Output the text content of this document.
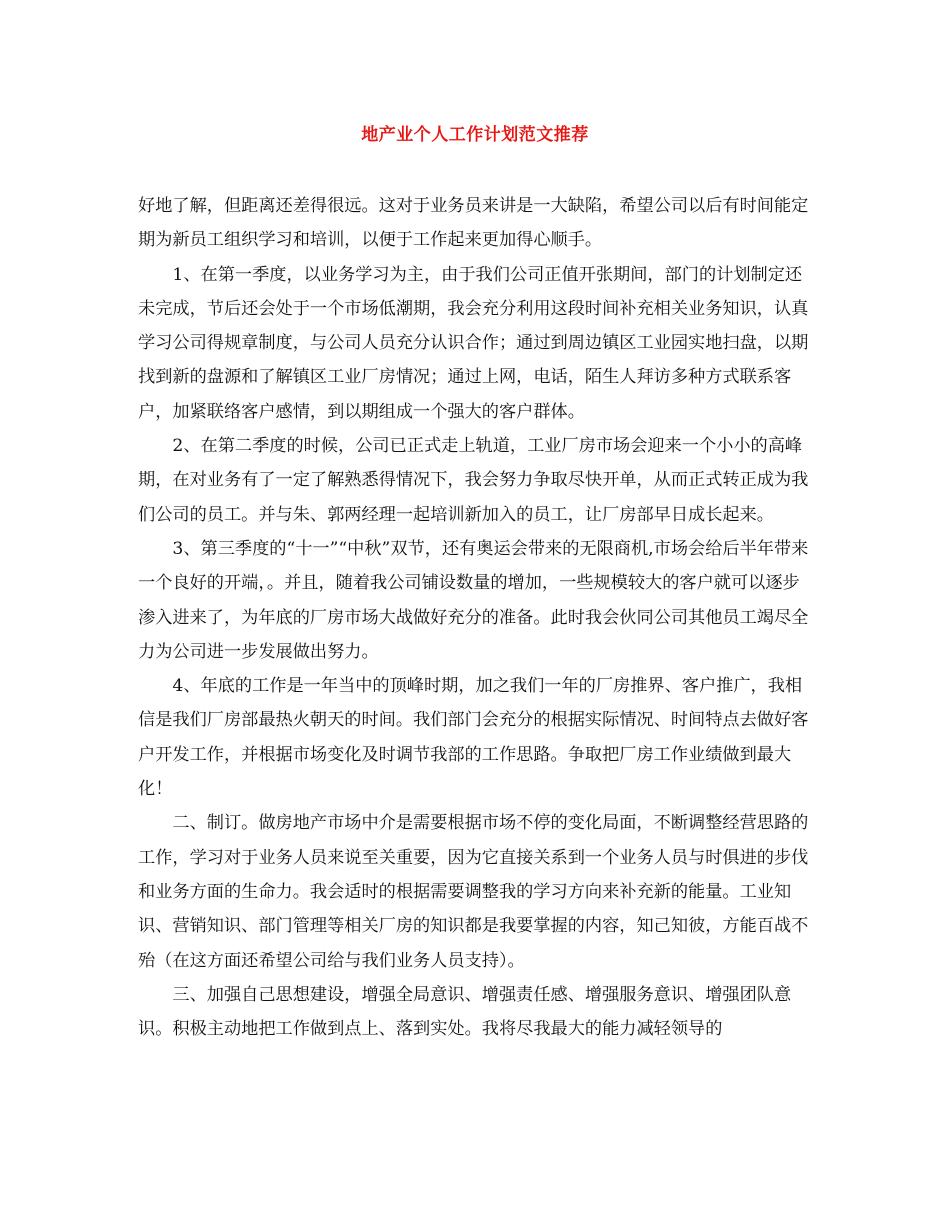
地产业个人工作计划范文推荐

好地了解，但距离还差得很远。这对于业务员来讲是一大缺陷，希望公司以后有时间能定期为新员工组织学习和培训，以便于工作起来更加得心顺手。

1、在第一季度，以业务学习为主，由于我们公司正值开张期间，部门的计划制定还未完成，节后还会处于一个市场低潮期，我会充分利用这段时间补充相关业务知识，认真学习公司得规章制度，与公司人员充分认识合作；通过到周边镇区工业园实地扫盘，以期找到新的盘源和了解镇区工业厂房情况；通过上网，电话，陌生人拜访多种方式联系客户，加紧联络客户感情，到以期组成一个强大的客户群体。

2、在第二季度的时候，公司已正式走上轨道，工业厂房市场会迎来一个小小的高峰期，在对业务有了一定了解熟悉得情况下，我会努力争取尽快开单，从而正式转正成为我们公司的员工。并与朱、郭两经理一起培训新加入的员工，让厂房部早日成长起来。

3、第三季度的“十一”“中秋”双节，还有奥运会带来的无限商机,市场会给后半年带来一个良好的开端，。并且，随着我公司铺设数量的增加，一些规模较大的客户就可以逐步渗入进来了，为年底的厂房市场大战做好充分的准备。此时我会伙同公司其他员工竭尽全力为公司进一步发展做出努力。

4、年底的工作是一年当中的顶峰时期，加之我们一年的厂房推界、客户推广，我相信是我们厂房部最热火朝天的时间。我们部门会充分的根据实际情况、时间特点去做好客户开发工作，并根据市场变化及时调节我部的工作思路。争取把厂房工作业绩做到最大化！

二、制订。做房地产市场中介是需要根据市场不停的变化局面，不断调整经营思路的工作，学习对于业务人员来说至关重要，因为它直接关系到一个业务人员与时俱进的步伐和业务方面的生命力。我会适时的根据需要调整我的学习方向来补充新的能量。工业知识、营销知识、部门管理等相关厂房的知识都是我要掌握的内容，知己知彼，方能百战不殆（在这方面还希望公司给与我们业务人员支持）。

三、加强自己思想建设，增强全局意识、增强责任感、增强服务意识、增强团队意识。积极主动地把工作做到点上、落到实处。我将尽我最大的能力减轻领导的
